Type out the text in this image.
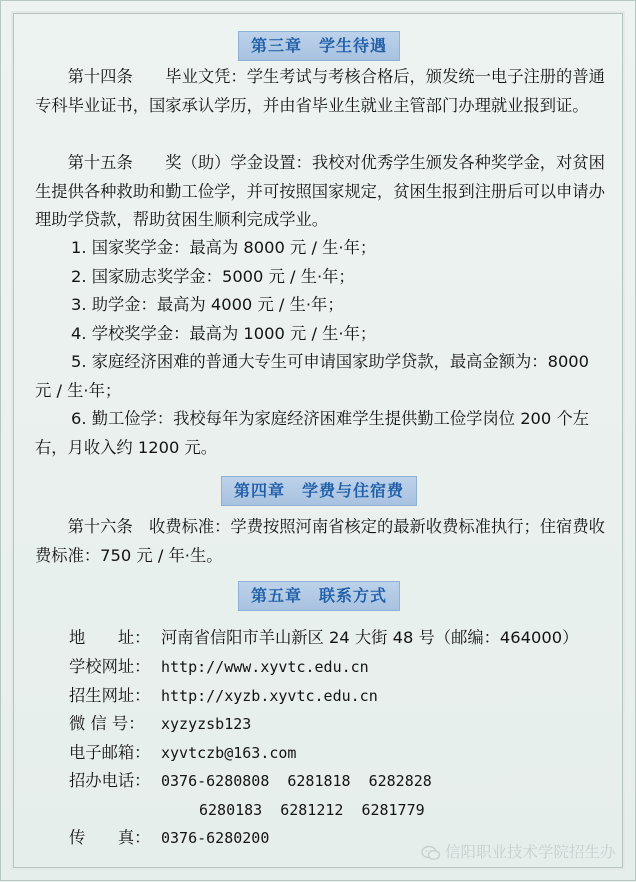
第三章　学生待遇

第十四条　　毕业文凭：学生考试与考核合格后，颁发统一电子注册的普通专科毕业证书，国家承认学历，并由省毕业生就业主管部门办理就业报到证。

第十五条　　奖（助）学金设置：我校对优秀学生颁发各种奖学金，对贫困生提供各种救助和勤工俭学，并可按照国家规定，贫困生报到注册后可以申请办理助学贷款，帮助贫困生顺利完成学业。

1. 国家奖学金：最高为 8000 元 / 生·年；
2. 国家励志奖学金：5000 元 / 生·年；
3. 助学金：最高为 4000 元 / 生·年；
4. 学校奖学金：最高为 1000 元 / 生·年；
5. 家庭经济困难的普通大专生可申请国家助学贷款，最高金额为：8000 元 / 生·年；
6. 勤工俭学：我校每年为家庭经济困难学生提供勤工俭学岗位 200 个左右，月收入约 1200 元。
第四章　学费与住宿费

第十六条　收费标准：学费按照河南省核定的最新收费标准执行；住宿费收费标准：750 元 / 年·生。

第五章　联系方式
地　　址： 河南省信阳市羊山新区 24 大街 48 号（邮编：464000）
学校网址： http://www.xyvtc.edu.cn
招生网址： http://xyzb.xyvtc.edu.cn
微 信 号： xyzyzsb123
电子邮箱： xyvtczb@163.com
招办电话： 0376-6280808 6281818 6282828
6280183 6281212 6281779
传　　真： 0376-6280200
信阳职业技术学院招生办
